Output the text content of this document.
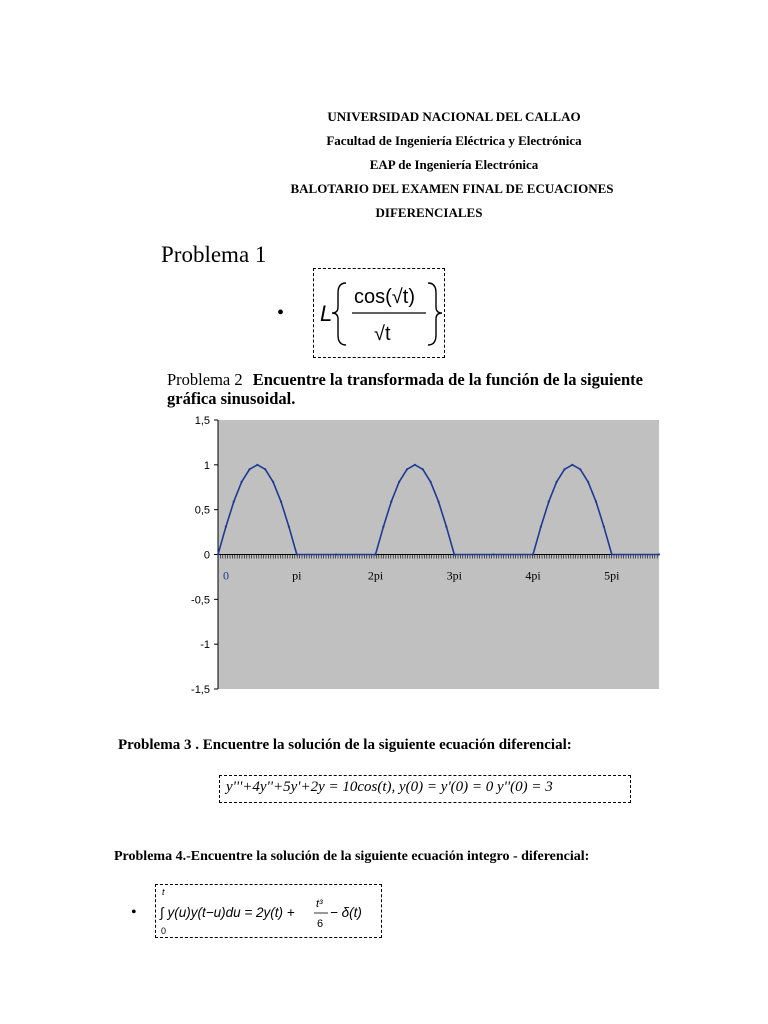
UNIVERSIDAD NACIONAL DEL CALLAO
Facultad de Ingeniería Eléctrica y Electrónica
EAP de Ingeniería Electrónica
BALOTARIO DEL EXAMEN FINAL DE ECUACIONES
DIFERENCIALES
Problema 1
• L
cos(√t)
√t
Problema 2 Encuentre la transformada de la función de la siguiente
gráfica sinusoidal.
1,5
1
0,5
0
-0,5
-1
-1,5
0	pi	2pi	3pi	4pi	5pi
Problema 3 . Encuentre la solución de la siguiente ecuación diferencial:
y'''+4y''+5y'+2y = 10cos(t), y(0) = y'(0) = 0 y''(0) = 3
Problema 4.-Encuentre la solución de la siguiente ecuación integro - diferencial:
•
t
0
∫ y(u)y(t−u)du = 2y(t) +
t³
6
− δ(t)
